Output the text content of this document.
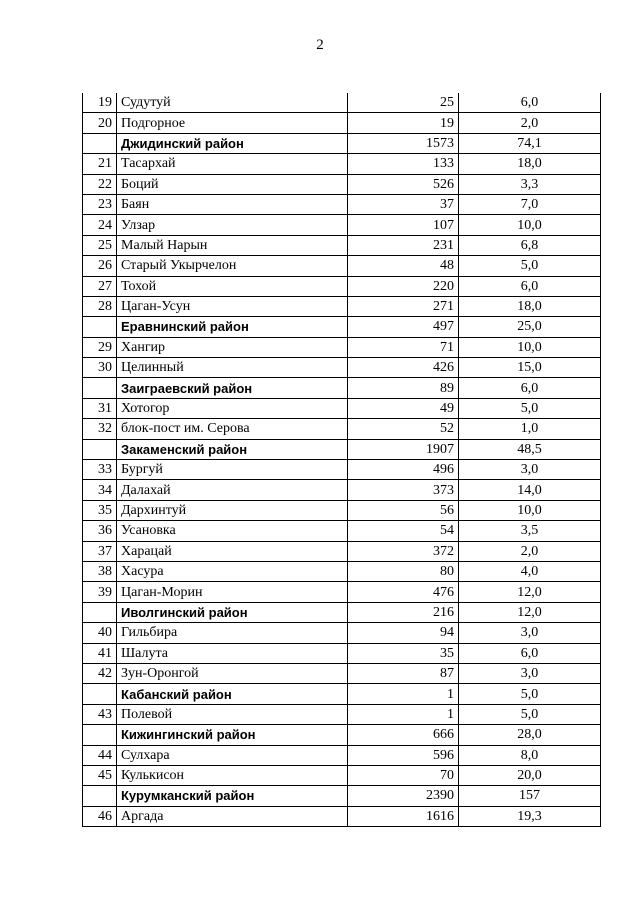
2
19	Судутуй	25	6,0
20	Подгорное	19	2,0
	Джидинский район	1573	74,1
21	Тасархай	133	18,0
22	Боций	526	3,3
23	Баян	37	7,0
24	Улзар	107	10,0
25	Малый Нарын	231	6,8
26	Старый Укырчелон	48	5,0
27	Тохой	220	6,0
28	Цаган-Усун	271	18,0
	Еравнинский район	497	25,0
29	Хангир	71	10,0
30	Целинный	426	15,0
	Заиграевский район	89	6,0
31	Хотогор	49	5,0
32	блок-пост им. Серова	52	1,0
	Закаменский район	1907	48,5
33	Бургуй	496	3,0
34	Далахай	373	14,0
35	Дархинтуй	56	10,0
36	Усановка	54	3,5
37	Харацай	372	2,0
38	Хасура	80	4,0
39	Цаган-Морин	476	12,0
	Иволгинский район	216	12,0
40	Гильбира	94	3,0
41	Шалута	35	6,0
42	Зун-Оронгой	87	3,0
	Кабанский район	1	5,0
43	Полевой	1	5,0
	Кижингинский район	666	28,0
44	Сулхара	596	8,0
45	Кулькисон	70	20,0
	Курумканский район	2390	157
46	Аргада	1616	19,3
